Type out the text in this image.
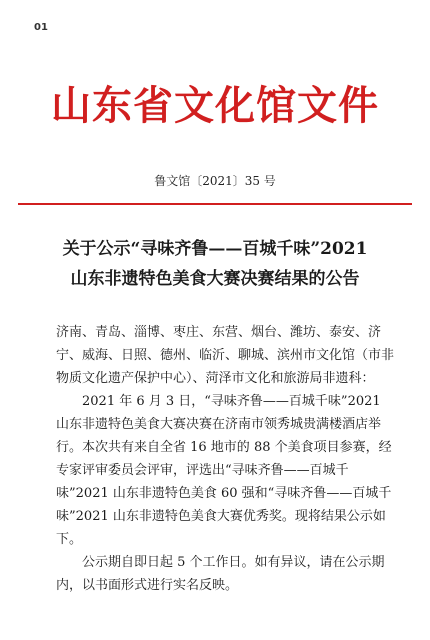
01
山东省文化馆文件
鲁文馆〔2021〕35 号
关于公示“寻味齐鲁——百城千味”2021
山东非遗特色美食大赛决赛结果的公告

济南、青岛、淄博、枣庄、东营、烟台、潍坊、泰安、济宁、威海、日照、德州、临沂、聊城、滨州市文化馆（市非物质文化遗产保护中心）、菏泽市文化和旅游局非遗科：

2021 年 6 月 3 日，“寻味齐鲁——百城千味”2021 山东非遗特色美食大赛决赛在济南市领秀城贵满楼酒店举行。本次共有来自全省 16 地市的 88 个美食项目参赛，经专家评审委员会评审，评选出“寻味齐鲁——百城千味”2021 山东非遗特色美食 60 强和“寻味齐鲁——百城千味”2021 山东非遗特色美食大赛优秀奖。现将结果公示如下。

公示期自即日起 5 个工作日。如有异议，请在公示期内，以书面形式进行实名反映。
